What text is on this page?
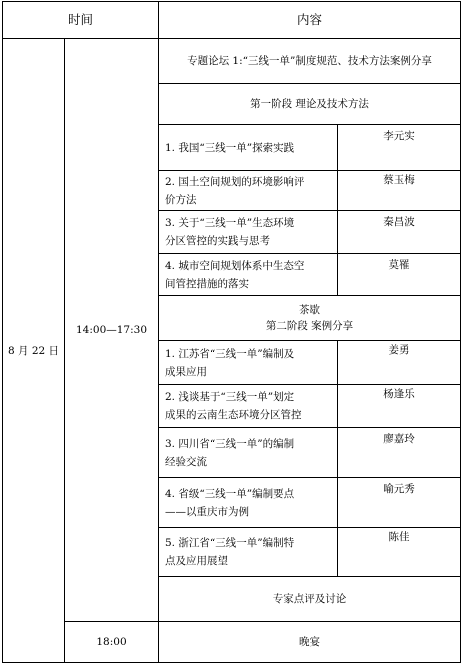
时间	内容
8 月 22 日
14:00—17:30
18:00
专题论坛 1:“三线一单”制度规范、技术方法案例分享
第一阶段 理论及技术方法
1. 我国“三线一单”探索实践
李元实
2. 国土空间规划的环境影响评
价方法
蔡玉梅
3. 关于“三线一单”生态环境
分区管控的实践与思考
秦昌波
4. 城市空间规划体系中生态空
间管控措施的落实
莫罹
茶歇
第二阶段 案例分享
1. 江苏省“三线一单”编制及
成果应用
姜勇
2. 浅谈基于“三线一单”划定
成果的云南生态环境分区管控
杨逢乐
3. 四川省“三线一单”的编制
经验交流
廖嘉玲
4. 省级“三线一单”编制要点
——以重庆市为例
喻元秀
5. 浙江省“三线一单”编制特
点及应用展望
陈佳
专家点评及讨论
晚宴
